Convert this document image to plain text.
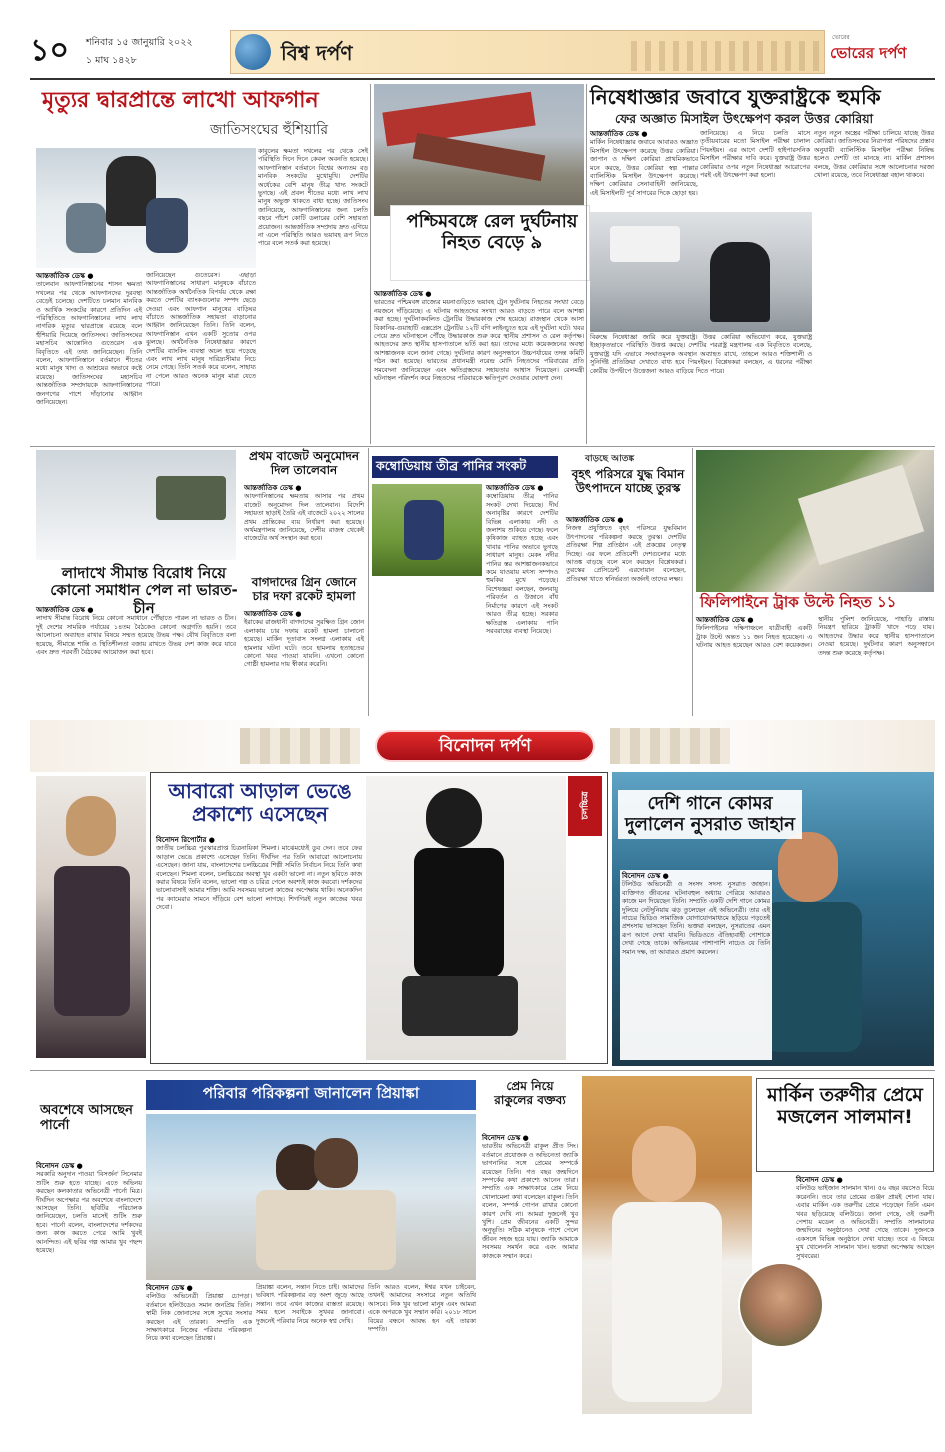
১০	শনিবার ১৫ জানুয়ারি ২০২২
১ মাঘ ১৪২৮	বিশ্ব দর্পণ
ভোরের
ভোরের দর্পণ
মৃত্যুর দ্বারপ্রান্তে লাখো আফগান
জাতিসংঘের হুঁশিয়ারি
আন্তর্জাতিক ডেস্ক ●
তালেবান আফগানিস্তানের শাসন ক্ষমতা দখলের পর থেকে আফগানদের দুরবস্থা বেড়েই চলেছে। দেশটিতে চলমান মানবিক ও আর্থিক সংকটের কারণে প্রতিদিন এই পরিস্থিতিতে আফগানিস্তানের লাখ লাখ নাগরিক মৃত্যুর দ্বারপ্রান্তে রয়েছে বলে হুঁশিয়ারি দিয়েছে জাতিসংঘ। জাতিসংঘের মহাসচিব আন্তোনিও গুতেরেস এক বিবৃতিতে এই তথ্য জানিয়েছেন। তিনি বলেন, আফগানিস্তানে বর্তমানে শীতের মধ্যে মানুষ খাদ্য ও আশ্রয়ের অভাবে কষ্টে রয়েছে। জাতিসংঘের মহাসচিব আন্তর্জাতিক সম্প্রদায়কে আফগানিস্তানের জনগণের পাশে দাঁড়ানোর আহ্বান জানিয়েছেন।
জানিয়েছেন গুতেরেস। এছাড়া আফগানিস্তানের সাধারণ মানুষকে বাঁচাতে আন্তর্জাতিক অর্থনৈতিক বিপর্যয় থেকে রক্ষা করতে দেশটির ব্যাংকগুলোর সম্পদ ছেড়ে দেওয়া এবং আফগান মানুষের বাড়িঘর বাঁচাতে আন্তর্জাতিক সহায়তা বাড়ানোর আহ্বান জানিয়েছেন তিনি। তিনি বলেন, আফগানিস্তান এখন একটি সুতোর ওপর ঝুলছে। অর্থনৈতিক নিষেধাজ্ঞার কারণে দেশটির ব্যাংকিং ব্যবস্থা অচল হয়ে পড়েছে এবং লাখ লাখ মানুষ দারিদ্র্যসীমার নিচে নেমে গেছে। তিনি সতর্ক করে বলেন, সাহায্য না পেলে আরও অনেক মানুষ মারা যেতে পারে।
কাবুলের ক্ষমতা দখলের পর থেকে সেই পরিস্থিতি দিনে দিনে কেবল অবনতি হয়েছে। আফগানিস্তান বর্তমানে বিশ্বের অন্যতম বড় মানবিক সংকটের মুখোমুখি। দেশটির অর্ধেকের বেশি মানুষ তীব্র খাদ্য সংকটে ভুগছে। এই প্রবল শীতের মধ্যে লাখ লাখ মানুষ অভুক্ত থাকতে বাধ্য হচ্ছে। জাতিসংঘ জানিয়েছে, আফগানিস্তানের জন্য চলতি বছরে পাঁচশ কোটি ডলারের বেশি সহায়তা প্রয়োজন। আন্তর্জাতিক সম্প্রদায় দ্রুত এগিয়ে না এলে পরিস্থিতি আরও ভয়াবহ রূপ নিতে পারে বলে সতর্ক করা হয়েছে।
পশ্চিমবঙ্গে রেল দুর্ঘটনায় নিহত বেড়ে ৯
আন্তর্জাতিক ডেস্ক ●
ভারতের পশ্চিমবঙ্গ রাজ্যের ময়নাগুড়িতে ভয়াবহ ট্রেন দুর্ঘটনায় নিহতের সংখ্যা বেড়ে নয়জনে দাঁড়িয়েছে। এ ঘটনায় আহতদের সংখ্যা আরও বাড়তে পারে বলে আশঙ্কা করা হচ্ছে। দুর্ঘটনাকবলিত ট্রেনটির উদ্ধারকাজ শেষ হয়েছে। রাজস্থান থেকে আসা বিকানির-গুয়াহাটি এক্সপ্রেস ট্রেনটির ১২টি বগি লাইনচ্যুত হয়ে এই দুর্ঘটনা ঘটে। খবর পেয়ে দ্রুত ঘটনাস্থলে পৌঁছে উদ্ধারকাজ শুরু করে স্থানীয় প্রশাসন ও রেল কর্তৃপক্ষ। আহতদের দ্রুত স্থানীয় হাসপাতালে ভর্তি করা হয়। তাদের মধ্যে কয়েকজনের অবস্থা আশঙ্কাজনক বলে জানা গেছে। দুর্ঘটনার কারণ অনুসন্ধানে উচ্চপর্যায়ের তদন্ত কমিটি গঠন করা হয়েছে। ভারতের প্রধানমন্ত্রী নরেন্দ্র মোদি নিহতদের পরিবারের প্রতি সমবেদনা জানিয়েছেন এবং ক্ষতিগ্রস্তদের সহায়তার আশ্বাস দিয়েছেন। রেলমন্ত্রী ঘটনাস্থল পরিদর্শন করে নিহতদের পরিবারকে ক্ষতিপূরণ দেওয়ার ঘোষণা দেন।
নিষেধাজ্ঞার জবাবে যুক্তরাষ্ট্রকে হুমকি
ফের অজ্ঞাত মিসাইল উৎক্ষেপণ করল উত্তর কোরিয়া
আন্তর্জাতিক ডেস্ক ●
মার্কিন নিষেধাজ্ঞার জবাবে আবারও অজ্ঞাত মিসাইল উৎক্ষেপণ করেছে উত্তর কোরিয়া। জাপান ও দক্ষিণ কোরিয়া প্রাথমিকভাবে মনে করছে, উত্তর কোরিয়া স্বল্প পাল্লার ব্যালিস্টিক মিসাইল উৎক্ষেপণ করেছে। দক্ষিণ কোরিয়ার সেনাবাহিনী জানিয়েছে, এই মিসাইলটি পূর্ব সাগরের দিকে ছোড়া হয়।
জানিয়েছে। এ নিয়ে চলতি মাসে তৃতীয়বারের মতো মিসাইল পরীক্ষা চালাল পিয়ংইয়ং। এর আগে দেশটি হাইপারসনিক মিসাইল পরীক্ষার দাবি করে। যুক্তরাষ্ট্র উত্তর কোরিয়ার ওপর নতুন নিষেধাজ্ঞা আরোপের পরই এই উৎক্ষেপণ করা হলো।
বিরুদ্ধে নিষেধাজ্ঞা জারি করে যুক্তরাষ্ট্র। উত্তর কোরিয়া অভিযোগ করে, যুক্তরাষ্ট্র ইচ্ছাকৃতভাবে পরিস্থিতি উত্তপ্ত করছে। দেশটির পররাষ্ট্র মন্ত্রণালয় এক বিবৃতিতে বলেছে, যুক্তরাষ্ট্র যদি এভাবে সংঘাতমূলক অবস্থান অব্যাহত রাখে, তাহলে আরও শক্তিশালী ও সুনির্দিষ্ট প্রতিক্রিয়া দেখাতে বাধ্য হবে পিয়ংইয়ং। বিশ্লেষকরা বলছেন, এ ধরনের পরীক্ষা কোরীয় উপদ্বীপে উত্তেজনা আরও বাড়িয়ে দিতে পারে।
নতুন নতুন অস্ত্রের পরীক্ষা চালিয়ে যাচ্ছে উত্তর কোরিয়া। জাতিসংঘের নিরাপত্তা পরিষদের প্রস্তাব অনুযায়ী ব্যালিস্টিক মিসাইল পরীক্ষা নিষিদ্ধ হলেও দেশটি তা মানছে না। মার্কিন প্রশাসন বলছে, উত্তর কোরিয়ার সঙ্গে আলোচনার দরজা খোলা রয়েছে, তবে নিষেধাজ্ঞা বহাল থাকবে।
লাদাখে সীমান্ত বিরোধ নিয়ে কোনো সমাধান পেল না ভারত-চীন
আন্তর্জাতিক ডেস্ক ●
লাদাখ সীমান্ত বিরোধ নিয়ে কোনো সমাধানে পৌঁছাতে পারল না ভারত ও চীন। দুই দেশের সামরিক পর্যায়ের ১৪তম বৈঠকেও কোনো অগ্রগতি হয়নি। তবে আলোচনা অব্যাহত রাখার বিষয়ে সম্মত হয়েছে উভয় পক্ষ। যৌথ বিবৃতিতে বলা হয়েছে, সীমান্তে শান্তি ও স্থিতিশীলতা বজায় রাখতে উভয় দেশ কাজ করে যাবে এবং দ্রুত পরবর্তী বৈঠকের আয়োজন করা হবে।
প্রথম বাজেট অনুমোদন দিল তালেবান
আন্তর্জাতিক ডেস্ক ●
আফগানিস্তানের ক্ষমতায় আসার পর প্রথম বাজেট অনুমোদন দিল তালেবান। বিদেশি সহায়তা ছাড়াই তৈরি এই বাজেটে ২০২২ সালের প্রথম প্রান্তিকের ব্যয় নির্ধারণ করা হয়েছে। অর্থমন্ত্রণালয় জানিয়েছে, দেশীয় রাজস্ব থেকেই বাজেটের অর্থ সংস্থান করা হবে।
বাগদাদের গ্রিন জোনে চার দফা রকেট হামলা
আন্তর্জাতিক ডেস্ক ●
ইরাকের রাজধানী বাগদাদের সুরক্ষিত গ্রিন জোন এলাকায় চার দফায় রকেট হামলা চালানো হয়েছে। মার্কিন দূতাবাস সংলগ্ন এলাকায় এই হামলার ঘটনা ঘটে। তবে হামলায় হতাহতের কোনো খবর পাওয়া যায়নি। এখনো কোনো গোষ্ঠী হামলার দায় স্বীকার করেনি।
কম্বোডিয়ায় তীব্র পানির সংকট
আন্তর্জাতিক ডেস্ক ●
কম্বোডিয়ায় তীব্র পানির সংকট দেখা দিয়েছে। দীর্ঘ অনাবৃষ্টির কারণে দেশটির বিভিন্ন এলাকায় নদী ও জলাশয় শুকিয়ে গেছে। ফলে কৃষিকাজ ব্যাহত হচ্ছে এবং খাবার পানির অভাবে ভুগছে সাধারণ মানুষ। মেকং নদীর পানির স্তর আশঙ্কাজনকভাবে কমে যাওয়ায় মৎস্য সম্পদও হুমকির মুখে পড়েছে। বিশেষজ্ঞরা বলছেন, জলবায়ু পরিবর্তন ও উজানে বাঁধ নির্মাণের কারণে এই সংকট আরও তীব্র হচ্ছে। সরকার ক্ষতিগ্রস্ত এলাকায় পানি সরবরাহের ব্যবস্থা নিয়েছে।
বাড়ছে আতঙ্ক
বৃহৎ পরিসরে যুদ্ধ বিমান উৎপাদনে যাচ্ছে তুরস্ক
আন্তর্জাতিক ডেস্ক ●
নিজস্ব প্রযুক্তিতে বৃহৎ পরিসরে যুদ্ধবিমান উৎপাদনের পরিকল্পনা করছে তুরস্ক। দেশটির প্রতিরক্ষা শিল্প প্রতিষ্ঠান এই প্রকল্পের নেতৃত্ব দিচ্ছে। এর ফলে প্রতিবেশী দেশগুলোর মধ্যে আতঙ্ক বাড়ছে বলে মনে করছেন বিশ্লেষকরা। তুরস্কের প্রেসিডেন্ট এরদোয়ান বলেছেন, প্রতিরক্ষা খাতে স্বনির্ভরতা অর্জনই তাদের লক্ষ্য।
ফিলিপাইনে ট্রাক উল্টে নিহত ১১
আন্তর্জাতিক ডেস্ক ●
ফিলিপাইনের দক্ষিণাঞ্চলে যাত্রীবাহী একটি ট্রাক উল্টে অন্তত ১১ জন নিহত হয়েছেন। এ ঘটনায় আহত হয়েছেন আরও বেশ কয়েকজন। স্থানীয় পুলিশ জানিয়েছে, পাহাড়ি রাস্তায় নিয়ন্ত্রণ হারিয়ে ট্রাকটি খাদে পড়ে যায়। আহতদের উদ্ধার করে স্থানীয় হাসপাতালে নেওয়া হয়েছে। দুর্ঘটনার কারণ অনুসন্ধানে তদন্ত শুরু করেছে কর্তৃপক্ষ।
বিনোদন দর্পণ
আবারো আড়াল ভেঙে প্রকাশ্যে এসেছেন
বিনোদন রিপোর্টার ●
জাতীয় চলচ্চিত্র পুরস্কারপ্রাপ্ত চিত্রনায়িকা শিমলা। মাঝেমধ্যেই ডুব দেন। তবে ফের আড়াল ভেঙে প্রকাশ্যে এসেছেন তিনি। দীর্ঘদিন পর তিনি আবারো আলোচনায় এসেছেন। জানা যায়, বাংলাদেশের চলচ্চিত্রের শিল্পী সমিতি নির্বাচন নিয়ে তিনি কথা বলেছেন। শিমলা বলেন, চলচ্চিত্রের অবস্থা খুব একটা ভালো না। নতুন ছবিতে কাজ করার বিষয়ে তিনি বলেন, ভালো গল্প ও চরিত্র পেলে অবশ্যই কাজ করবো। দর্শকদের ভালোবাসাই আমার শক্তি। আমি সবসময় ভালো কাজের অপেক্ষায় থাকি। অনেকদিন পর ক্যামেরার সামনে দাঁড়িয়ে বেশ ভালো লাগছে। শিগগিরই নতুন কাজের খবর দেবো।
চলচ্চিত্র	দেশি গানে কোমর দুলালেন নুসরাত জাহান
বিনোদন ডেস্ক ●
টলিউড অভিনেত্রী ও সংসদ সদস্য নুসরাত জাহান। ব্যক্তিগত জীবনের ঘটনাবহুল অধ্যায় পেরিয়ে আবারও কাজে মন দিয়েছেন তিনি। সম্প্রতি একটি দেশি গানে কোমর দুলিয়ে নেটদুনিয়ায় ঝড় তুলেছেন এই অভিনেত্রী। তার এই নাচের ভিডিও সামাজিক যোগাযোগমাধ্যমে ছড়িয়ে পড়তেই প্রশংসায় ভাসছেন তিনি। ভক্তরা বলছেন, নুসরাতের এমন রূপ আগে দেখা যায়নি। ভিডিওতে ঐতিহ্যবাহী পোশাকে দেখা গেছে তাকে। অভিনয়ের পাশাপাশি নাচেও যে তিনি সমান দক্ষ, তা আবারও প্রমাণ করলেন।
অবশেষে আসছেন পার্নো
বিনোদন ডেস্ক ●
সরকারি অনুদান পাওয়া 'বিসর্জন' সিনেমার শুটিং শুরু হতে যাচ্ছে। এতে অভিনয় করছেন কলকাতার অভিনেত্রী পার্নো মিত্র। দীর্ঘদিন অপেক্ষার পর অবশেষে বাংলাদেশে আসছেন তিনি। ছবিটির পরিচালক জানিয়েছেন, চলতি মাসেই শুটিং শুরু হবে। পার্নো বলেন, বাংলাদেশের দর্শকদের জন্য কাজ করতে পেরে আমি খুবই আনন্দিত। এই ছবির গল্প আমার খুব পছন্দ হয়েছে।
পরিবার পরিকল্পনা জানালেন প্রিয়াঙ্কা
বিনোদন ডেস্ক ●
বলিউড অভিনেত্রী প্রিয়াঙ্কা চোপড়া। বর্তমানে হলিউডেও সমান জনপ্রিয় তিনি। স্বামী নিক জোনাসের সঙ্গে সুখের সংসার করছেন এই তারকা। সম্প্রতি এক সাক্ষাৎকারে নিজের পরিবার পরিকল্পনা নিয়ে কথা বলেছেন প্রিয়াঙ্কা।
প্রিয়াঙ্কা বলেন, সন্তান নিতে চাই। আমাদের ভবিষ্যৎ পরিকল্পনার বড় অংশ জুড়ে আছে সন্তান। তবে এখন কাজের ব্যস্ততা রয়েছে। সময় হলে সবাইকে সুখবর জানাবো। দুজনেই পরিবার নিয়ে অনেক স্বপ্ন দেখি।
তিনি আরও বলেন, ঈশ্বর যখন চাইবেন, তখনই আমাদের সংসারে নতুন অতিথি আসবে। নিক খুব ভালো মানুষ এবং আমরা একে অপরকে খুব সম্মান করি। ২০১৮ সালে বিয়ের বন্ধনে আবদ্ধ হন এই তারকা দম্পতি।
প্রেম নিয়ে রাকুলের বক্তব্য
বিনোদন ডেস্ক ●
ভারতীয় অভিনেত্রী রাকুল প্রীত সিং। বর্তমানে প্রযোজক ও অভিনেতা জ্যাকি ভাগনানির সঙ্গে প্রেমের সম্পর্কে রয়েছেন তিনি। গত বছর জন্মদিনে সম্পর্কের কথা প্রকাশ্যে আনেন তারা। সম্প্রতি এক সাক্ষাৎকারে প্রেম নিয়ে খোলামেলা কথা বলেছেন রাকুল। তিনি বলেন, সম্পর্ক গোপন রাখার কোনো কারণ দেখি না। আমরা দুজনেই খুব খুশি। প্রেম জীবনের একটি সুন্দর অনুভূতি। সঠিক মানুষকে পাশে পেলে জীবন সহজ হয়ে যায়। জ্যাকি আমাকে সবসময় সমর্থন করে এবং আমার কাজকে সম্মান করে।
মার্কিন তরুণীর প্রেমে মজলেন সালমান!
বিনোদন ডেস্ক ●
বলিউড ভাইজান সালমান খান। ৫৬ বছর বয়সেও বিয়ে করেননি। তবে তার প্রেমের গুঞ্জন প্রায়ই শোনা যায়। এবার মার্কিন এক তরুণীর প্রেমে পড়েছেন তিনি এমন খবর ছড়িয়েছে বলিউডে। জানা গেছে, ওই তরুণী পেশায় মডেল ও অভিনেত্রী। সম্প্রতি সালমানের জন্মদিনের অনুষ্ঠানেও দেখা গেছে তাকে। দুজনকে একসঙ্গে বিভিন্ন অনুষ্ঠানে দেখা যাচ্ছে। তবে এ বিষয়ে মুখ খোলেননি সালমান খান। ভক্তরা অপেক্ষায় আছেন সুখবরের।
